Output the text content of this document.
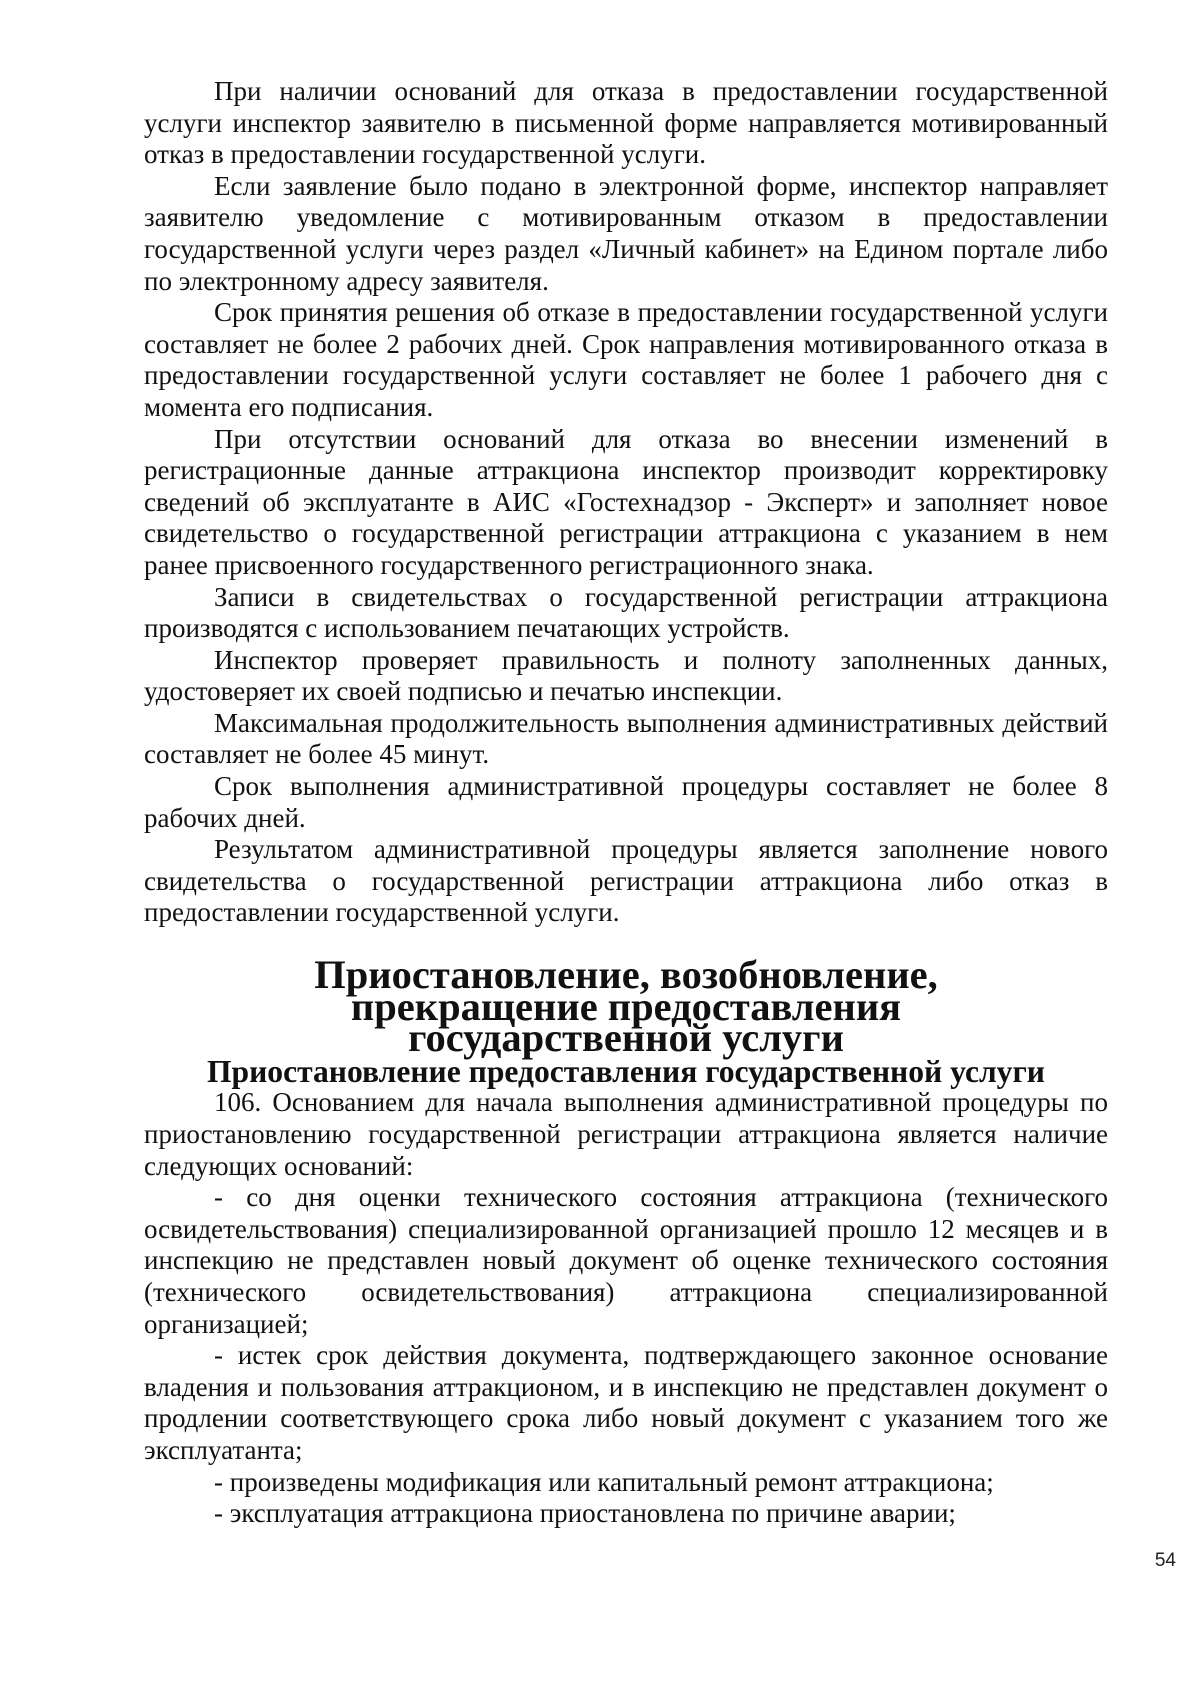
При наличии оснований для отказа в предоставлении государственной услуги инспектор заявителю в письменной форме направляется мотивированный отказ в предоставлении государственной услуги.

Если заявление было подано в электронной форме, инспектор направляет заявителю уведомление с мотивированным отказом в предоставлении государственной услуги через раздел «Личный кабинет» на Едином портале либо по электронному адресу заявителя.

Срок принятия решения об отказе в предоставлении государственной услуги составляет не более 2 рабочих дней. Срок направления мотивированного отказа в предоставлении государственной услуги составляет не более 1 рабочего дня с момента его подписания.

При отсутствии оснований для отказа во внесении изменений в регистрационные данные аттракциона инспектор производит корректировку сведений об эксплуатанте в АИС «Гостехнадзор - Эксперт» и заполняет новое свидетельство о государственной регистрации аттракциона с указанием в нем ранее присвоенного государственного регистрационного знака.

Записи в свидетельствах о государственной регистрации аттракциона производятся с использованием печатающих устройств.

Инспектор проверяет правильность и полноту заполненных данных, удостоверяет их своей подписью и печатью инспекции.

Максимальная продолжительность выполнения административных действий составляет не более 45 минут.

Срок выполнения административной процедуры составляет не более 8 рабочих дней.

Результатом административной процедуры является заполнение нового свидетельства о государственной регистрации аттракциона либо отказ в предоставлении государственной услуги.

Приостановление, возобновление, прекращение предоставления государственной услуги
Приостановление предоставления государственной услуги

106. Основанием для начала выполнения административной процедуры по приостановлению государственной регистрации аттракциона является наличие следующих оснований:

- со дня оценки технического состояния аттракциона (технического освидетельствования) специализированной организацией прошло 12 месяцев и в инспекцию не представлен новый документ об оценке технического состояния (технического освидетельствования) аттракциона специализированной организацией;

- истек срок действия документа, подтверждающего законное основание владения и пользования аттракционом, и в инспекцию не представлен документ о продлении соответствующего срока либо новый документ с указанием того же эксплуатанта;

- произведены модификация или капитальный ремонт аттракциона;

- эксплуатация аттракциона приостановлена по причине аварии;

54
